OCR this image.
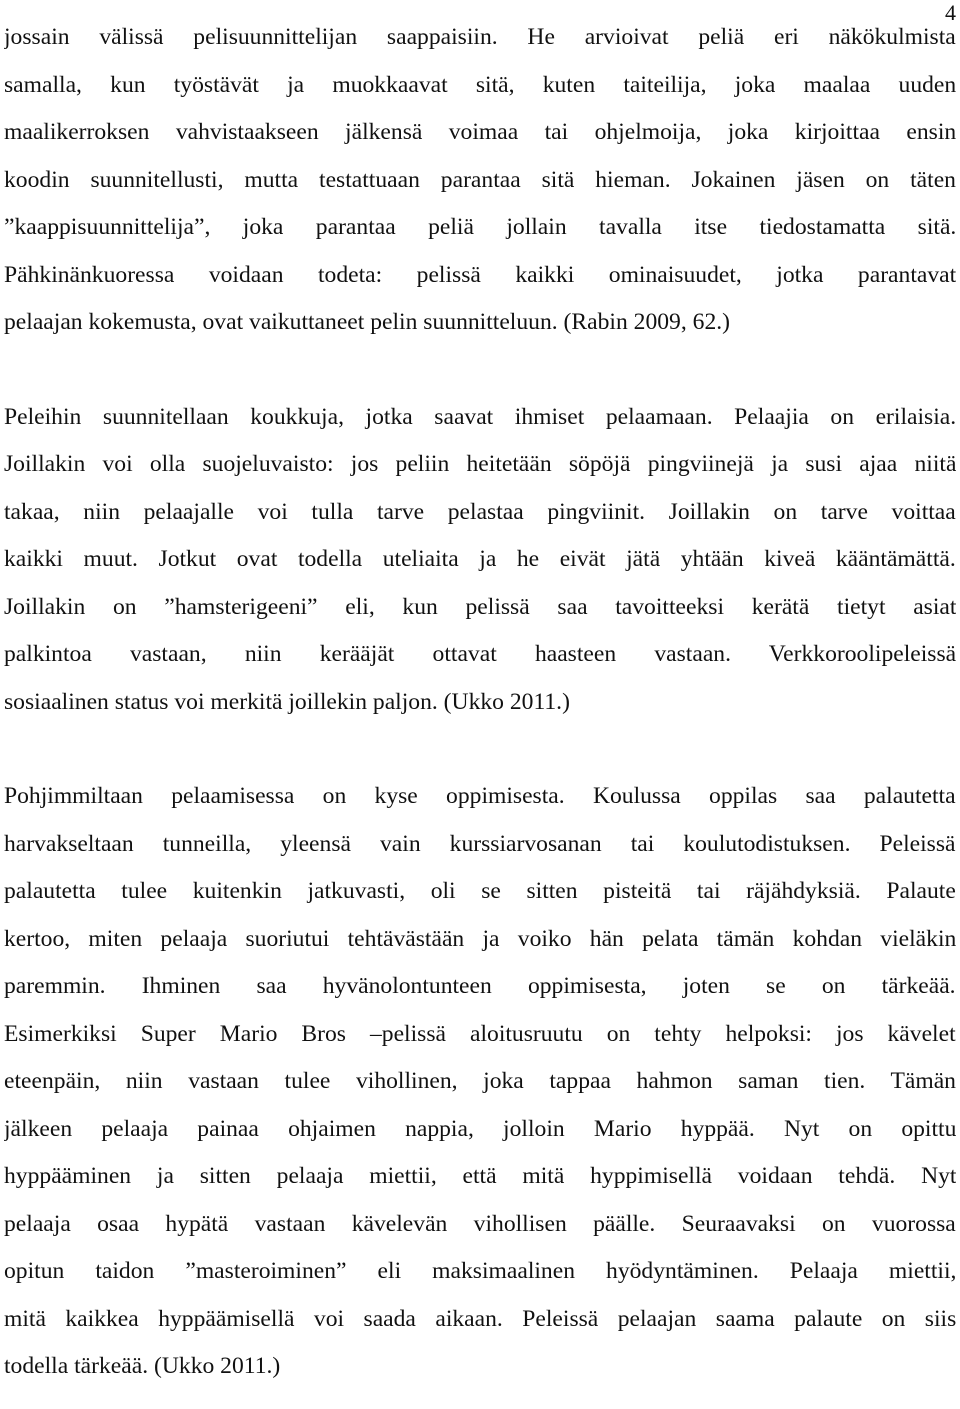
4

jossain välissä pelisuunnittelijan saappaisiin. He arvioivat peliä eri näkökulmista
samalla, kun työstävät ja muokkaavat sitä, kuten taiteilija, joka maalaa uuden
maalikerroksen vahvistaakseen jälkensä voimaa tai ohjelmoija, joka kirjoittaa ensin
koodin suunnitellusti, mutta testattuaan parantaa sitä hieman. Jokainen jäsen on täten
”kaappisuunnittelija”, joka parantaa peliä jollain tavalla itse tiedostamatta sitä.
Pähkinänkuoressa voidaan todeta: pelissä kaikki ominaisuudet, jotka parantavat
pelaajan kokemusta, ovat vaikuttaneet pelin suunnitteluun. (Rabin 2009, 62.)

Peleihin suunnitellaan koukkuja, jotka saavat ihmiset pelaamaan. Pelaajia on erilaisia.
Joillakin voi olla suojeluvaisto: jos peliin heitetään söpöjä pingviinejä ja susi ajaa niitä
takaa, niin pelaajalle voi tulla tarve pelastaa pingviinit. Joillakin on tarve voittaa
kaikki muut. Jotkut ovat todella uteliaita ja he eivät jätä yhtään kiveä kääntämättä.
Joillakin on ”hamsterigeeni” eli, kun pelissä saa tavoitteeksi kerätä tietyt asiat
palkintoa vastaan, niin kerääjät ottavat haasteen vastaan. Verkkoroolipeleissä
sosiaalinen status voi merkitä joillekin paljon. (Ukko 2011.)

Pohjimmiltaan pelaamisessa on kyse oppimisesta. Koulussa oppilas saa palautetta
harvakseltaan tunneilla, yleensä vain kurssiarvosanan tai koulutodistuksen. Peleissä
palautetta tulee kuitenkin jatkuvasti, oli se sitten pisteitä tai räjähdyksiä. Palaute
kertoo, miten pelaaja suoriutui tehtävästään ja voiko hän pelata tämän kohdan vieläkin
paremmin. Ihminen saa hyvänolontunteen oppimisesta, joten se on tärkeää.
Esimerkiksi Super Mario Bros –pelissä aloitusruutu on tehty helpoksi: jos kävelet
eteenpäin, niin vastaan tulee vihollinen, joka tappaa hahmon saman tien. Tämän
jälkeen pelaaja painaa ohjaimen nappia, jolloin Mario hyppää. Nyt on opittu
hyppääminen ja sitten pelaaja miettii, että mitä hyppimisellä voidaan tehdä. Nyt
pelaaja osaa hypätä vastaan kävelevän vihollisen päälle. Seuraavaksi on vuorossa
opitun taidon ”masteroiminen” eli maksimaalinen hyödyntäminen. Pelaaja miettii,
mitä kaikkea hyppäämisellä voi saada aikaan. Peleissä pelaajan saama palaute on siis
todella tärkeää. (Ukko 2011.)
